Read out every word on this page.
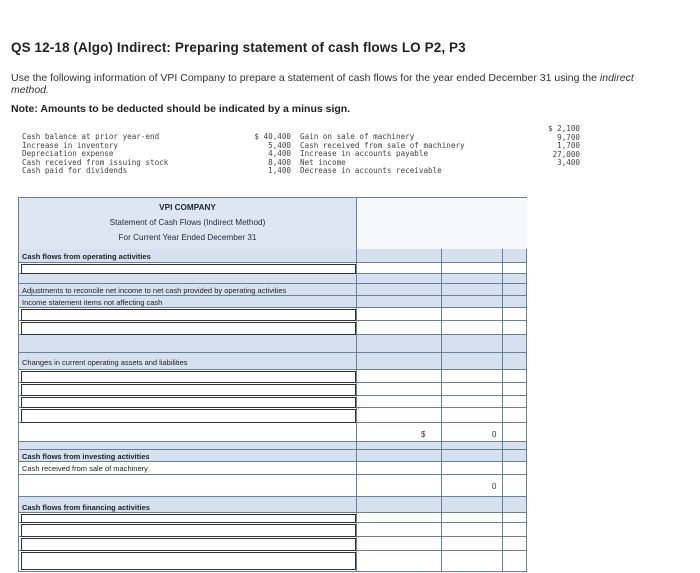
QS 12-18 (Algo) Indirect: Preparing statement of cash flows LO P2, P3
Use the following information of VPI Company to prepare a statement of cash flows for the year ended December 31 using the indirect method.
Note: Amounts to be deducted should be indicated by a minus sign.
Cash balance at prior year-end
Increase in inventory
Depreciation expense
Cash received from issuing stock
Cash paid for dividends
$ 40,400
5,400
4,400
8,400
1,400
Gain on sale of machinery
Cash received from sale of machinery
Increase in accounts payable
Net income
Decrease in accounts receivable
$ 2,100
9,700
1,700
27,000
3,400
VPI COMPANY
Statement of Cash Flows (Indirect Method)
For Current Year Ended December 31
Cash flows from operating activities
Adjustments to reconcile net income to net cash provided by operating activities
Income statement items not affecting cash
Changes in current operating assets and liabilities
$	0
Cash flows from investing activities
Cash received from sale of machinery
0
Cash flows from financing activities
